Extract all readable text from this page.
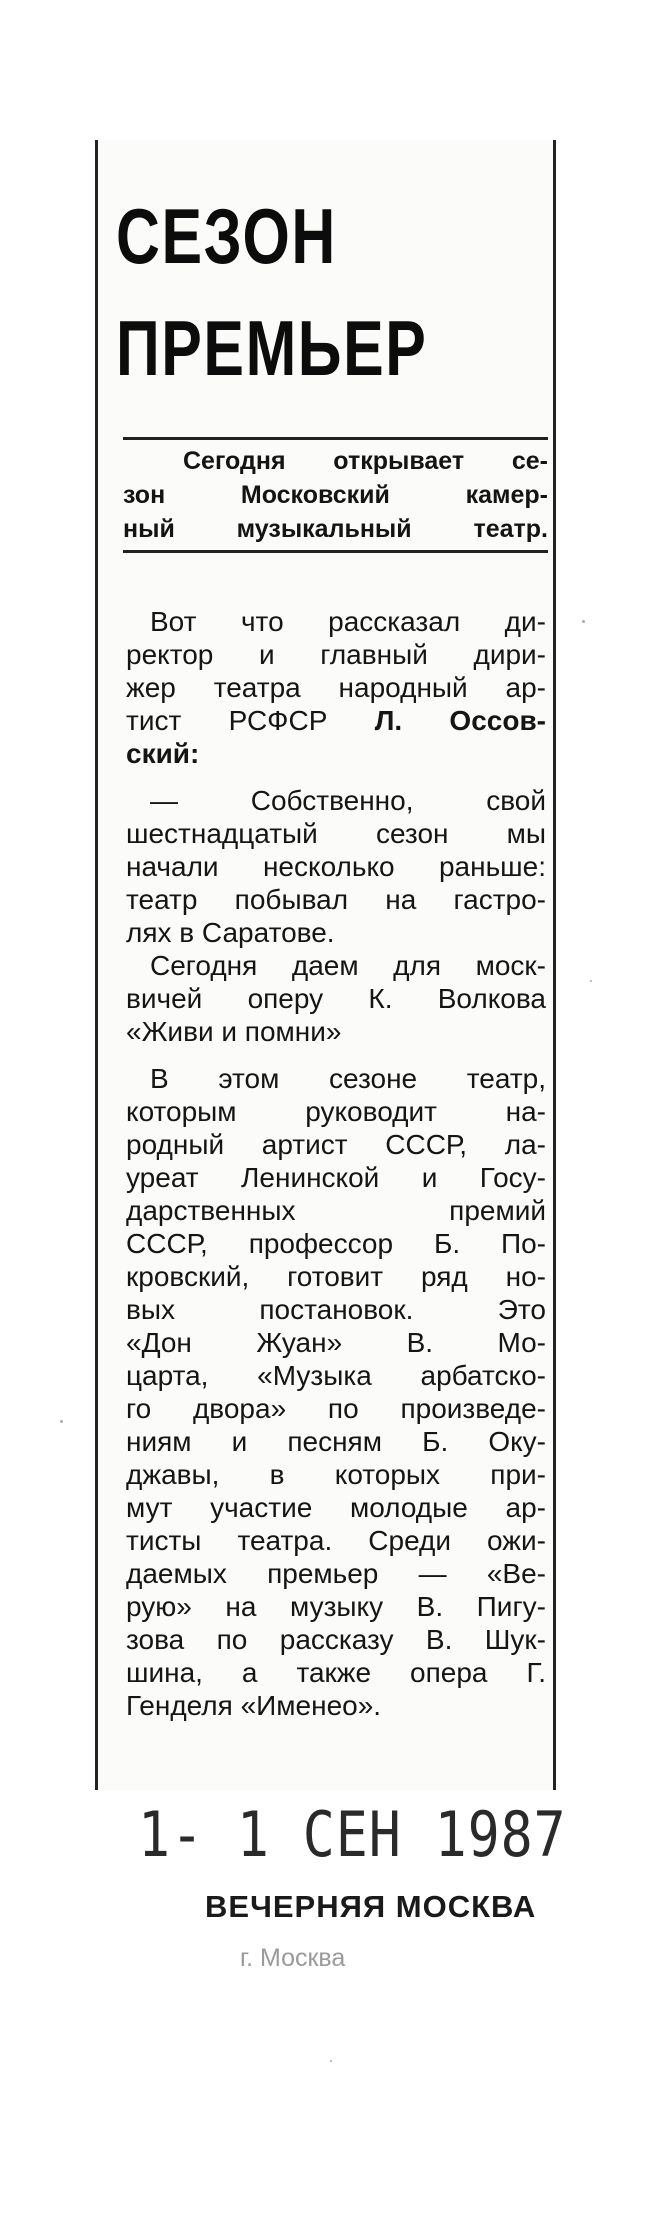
СЕЗОН
ПРЕМЬЕР
Сегодня открывает се-
зон Московский камер-
ный музыкальный театр.

Вот что рассказал ди-
ректор и главный дири-
жер театра народный ар-
тист РСФСР Л. Оссов-
ский:

— Собственно, свой
шестнадцатый сезон мы
начали несколько раньше:
театр побывал на гастро-
лях в Саратове.

Сегодня даем для моск-
вичей оперу К. Волкова
«Живи и помни»

В этом сезоне театр,
которым руководит на-
родный артист СССР, ла-
уреат Ленинской и Госу-
дарственных премий
СССР, профессор Б. По-
кровский, готовит ряд но-
вых постановок. Это
«Дон Жуан» В. Мо-
царта, «Музыка арбатско-
го двора» по произведе-
ниям и песням Б. Оку-
джавы, в которых при-
мут участие молодые ар-
тисты театра. Среди ожи-
даемых премьер — «Ве-
рую» на музыку В. Пигу-
зова по рассказу В. Шук-
шина, а также опера Г.
Генделя «Именео».

1- 1 СЕН 1987
ВЕЧЕРНЯЯ МОСКВА
г. Москва
